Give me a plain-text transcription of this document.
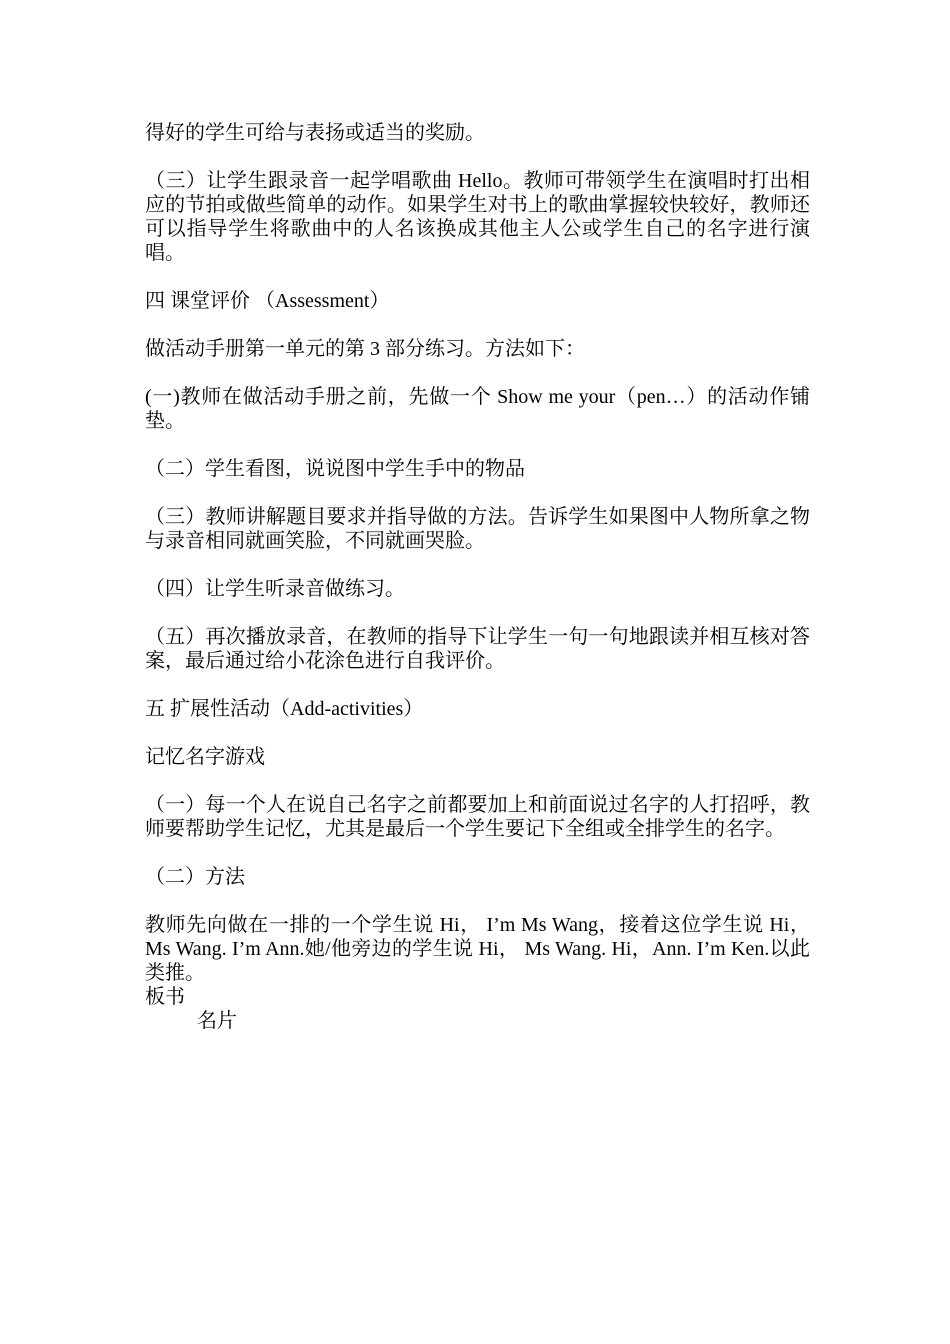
得好的学生可给与表扬或适当的奖励。

（三）让学生跟录音一起学唱歌曲 Hello。教师可带领学生在演唱时打出相应的节拍或做些简单的动作。如果学生对书上的歌曲掌握较快较好，教师还可以指导学生将歌曲中的人名该换成其他主人公或学生自己的名字进行演唱。

四 课堂评价 （Assessment）

做活动手册第一单元的第 3 部分练习。方法如下：

(一)教师在做活动手册之前，先做一个 Show me your（pen…）的活动作铺垫。

（二）学生看图，说说图中学生手中的物品

（三）教师讲解题目要求并指导做的方法。告诉学生如果图中人物所拿之物与录音相同就画笑脸，不同就画哭脸。

（四）让学生听录音做练习。

（五）再次播放录音，在教师的指导下让学生一句一句地跟读并相互核对答案，最后通过给小花涂色进行自我评价。

五 扩展性活动（Add-activities）

记忆名字游戏

（一）每一个人在说自己名字之前都要加上和前面说过名字的人打招呼，教师要帮助学生记忆，尤其是最后一个学生要记下全组或全排学生的名字。

（二）方法

教师先向做在一排的一个学生说 Hi， I’m Ms Wang，接着这位学生说 Hi， Ms Wang. I’m Ann.她/他旁边的学生说 Hi， Ms Wang. Hi，Ann. I’m Ken.以此类推。

板书

名片
